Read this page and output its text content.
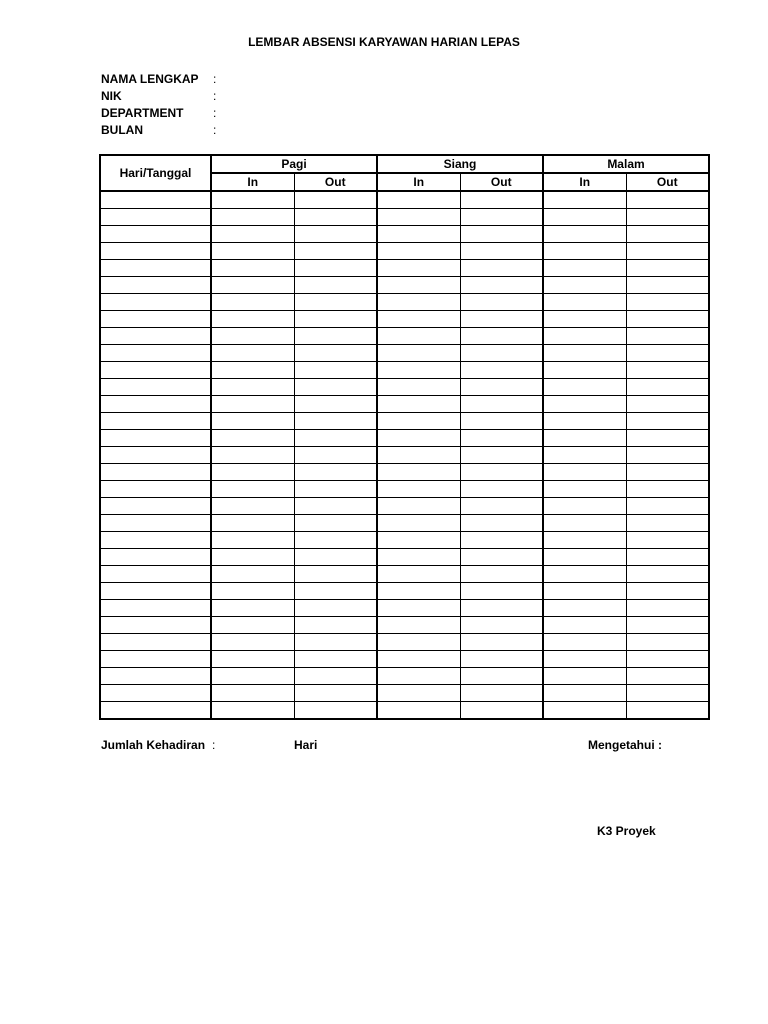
LEMBAR ABSENSI KARYAWAN HARIAN LEPAS
NAMA LENGKAP	:
NIK	:
DEPARTMENT	:
BULAN	:
Hari/Tanggal	Pagi		Siang		Malam	
	In	Out	In	Out	In	Out

Jumlah Kehadiran :	Hari	Mengetahui :
K3 Proyek
